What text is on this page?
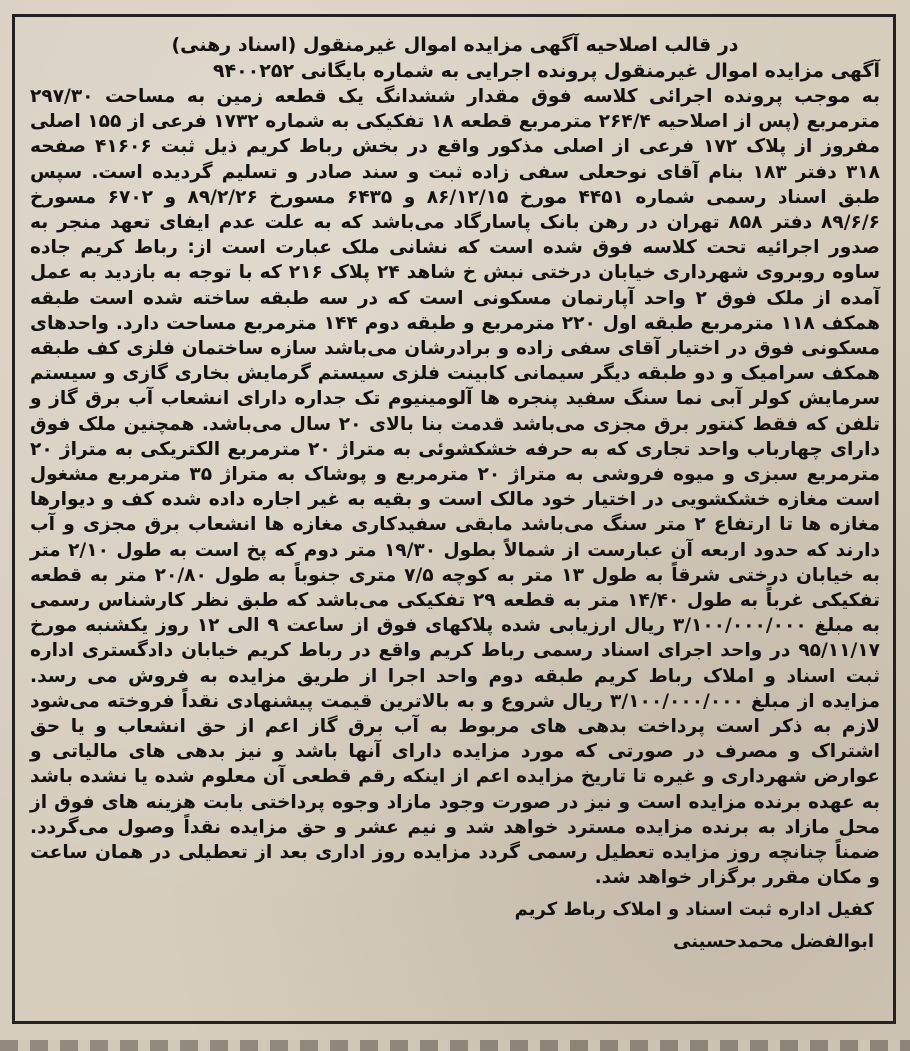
در قالب اصلاحیه آگهی مزایده اموال غیرمنقول (اسناد رهنی)

آگهی مزایده اموال غیرمنقول پرونده اجرایی به شماره بایگانی ۹۴۰۰۲۵۲

به موجب پرونده اجرائی کلاسه فوق مقدار ششدانگ یک قطعه زمین به مساحت ۲۹۷/۳۰ مترمربع (پس از اصلاحیه ۲۶۴/۴ مترمربع قطعه ۱۸ تفکیکی به شماره ۱۷۳۲ فرعی از ۱۵۵ اصلی مفروز از پلاک ۱۷۲ فرعی از اصلی مذکور واقع در بخش رباط کریم ذیل ثبت ۴۱۶۰۶ صفحه ۳۱۸ دفتر ۱۸۳ بنام آقای نوحعلی سفی زاده ثبت و سند صادر و تسلیم گردیده است. سپس طبق اسناد رسمی شماره ۴۴۵۱ مورخ ۸۶/۱۲/۱۵ و ۶۴۳۵ مسورخ ۸۹/۲/۲۶ و ۶۷۰۲ مسورخ ۸۹/۶/۶ دفتر ۸۵۸ تهران در رهن بانک پاسارگاد می‌باشد که به علت عدم ایفای تعهد منجر به صدور اجرائیه تحت کلاسه فوق شده است که نشانی ملک عبارت است از: رباط کریم جاده ساوه روبروی شهرداری خیابان درختی نبش خ شاهد ۲۴ پلاک ۲۱۶ که با توجه به بازدید به عمل آمده از ملک فوق ۲ واحد آپارتمان مسکونی است که در سه طبقه ساخته شده است طبقه همکف ۱۱۸ مترمربع طبقه اول ۲۲۰ مترمربع و طبقه دوم ۱۴۴ مترمربع مساحت دارد. واحدهای مسکونی فوق در اختیار آقای سفی زاده و برادرشان می‌باشد سازه ساختمان فلزی کف طبقه همکف سرامیک و دو طبقه دیگر سیمانی کابینت فلزی سیستم گرمایش بخاری گازی و سیستم سرمایش کولر آبی نما سنگ سفید پنجره ها آلومینیوم تک جداره دارای انشعاب آب برق گاز و تلفن که فقط کنتور برق مجزی می‌باشد قدمت بنا بالای ۲۰ سال می‌باشد. همچنین ملک فوق دارای چهارباب واحد تجاری که به حرفه خشکشوئی به متراژ ۲۰ مترمربع الکتریکی به متراژ ۲۰ مترمربع سبزی و میوه فروشی به متراژ ۲۰ مترمربع و پوشاک به متراژ ۳۵ مترمربع مشغول است مغازه خشکشویی در اختیار خود مالک است و بقیه به غیر اجاره داده شده کف و دیوارها مغازه ها تا ارتفاع ۲ متر سنگ می‌باشد مابقی سفیدکاری مغازه ها انشعاب برق مجزی و آب دارند که حدود اربعه آن عبارست از شمالاً بطول ۱۹/۳۰ متر دوم که پخ است به طول ۲/۱۰ متر به خیابان درختی شرقاً به طول ۱۳ متر به کوچه ۷/۵ متری جنوباً به طول ۲۰/۸۰ متر به قطعه تفکیکی غرباً به طول ۱۴/۴۰ متر به قطعه ۲۹ تفکیکی می‌باشد که طبق نظر کارشناس رسمی به مبلغ ۳/۱۰۰/۰۰۰/۰۰۰ ریال ارزیابی شده پلاکهای فوق از ساعت ۹ الی ۱۲ روز یکشنبه مورخ ۹۵/۱۱/۱۷ در واحد اجرای اسناد رسمی رباط کریم واقع در رباط کریم خیابان دادگستری اداره ثبت اسناد و املاک رباط کریم طبقه دوم واحد اجرا از طریق مزایده به فروش می رسد. مزایده از مبلغ ۳/۱۰۰/۰۰۰/۰۰۰ ریال شروع و به بالاترین قیمت پیشنهادی نقداً فروخته می‌شود لازم به ذکر است پرداخت بدهی های مربوط به آب برق گاز اعم از حق انشعاب و یا حق اشتراک و مصرف در صورتی که مورد مزایده دارای آنها باشد و نیز بدهی های مالیاتی و عوارض شهرداری و غیره تا تاریخ مزایده اعم از اینکه رقم قطعی آن معلوم شده یا نشده باشد به عهده برنده مزایده است و نیز در صورت وجود مازاد وجوه پرداختی بابت هزینه های فوق از محل مازاد به برنده مزایده مسترد خواهد شد و نیم عشر و حق مزایده نقداً وصول می‌گردد. ضمناً چنانچه روز مزایده تعطیل رسمی گردد مزایده روز اداری بعد از تعطیلی در همان ساعت و مکان مقرر برگزار خواهد شد.

کفیل اداره ثبت اسناد و املاک رباط کریم

ابوالفضل محمدحسینی
